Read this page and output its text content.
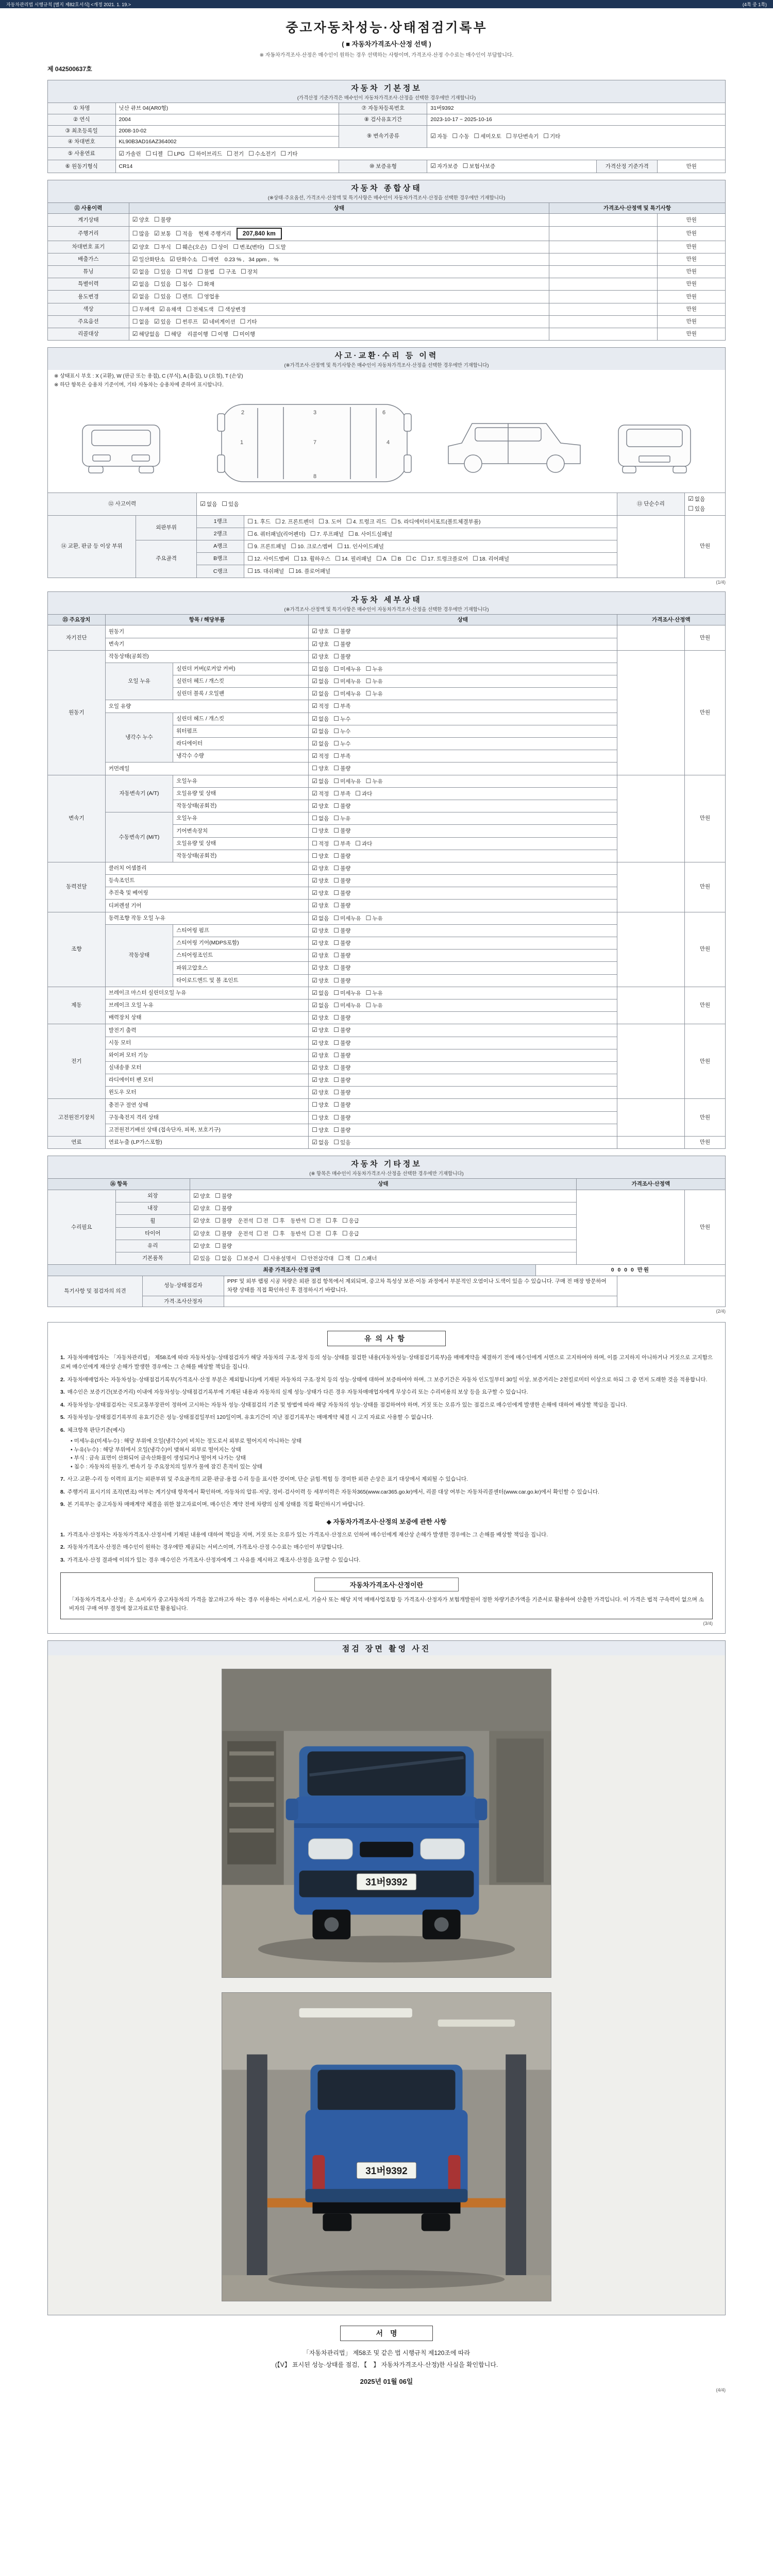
자동차관리법 시행규칙 [별지 제82호서식] <개정 2021. 1. 19.>	(4쪽 중 1쪽)
중고자동차성능·상태점검기록부
( ■ 자동차가격조사·산정 선택 )
※ 자동차가격조사·산정은 매수인이 원하는 경우 선택하는 사항이며, 가격조사·산정 수수료는 매수인이 부담합니다.
제 042500637호
자동차 기본정보
(가격산정 기준가격은 매수인이 자동차가격조사·산정을 선택한 경우에만 기재합니다)
① 차명	닛산 큐브 04(AR0형)	⑦ 자동차등록번호	31버9392		
② 연식	2004	⑧ 검사유효기간	2023-10-17 ~ 2025-10-16		
③ 최초등록일	2008-10-02	⑨ 변속기종류	☑ 자동 ☐ 수동 ☐ 세미오토 ☐ 무단변속기 ☐ 기타		
④ 차대번호	KL90B3AD16AZ364002				
⑤ 사용연료	☑ 가솔린 ☐ 디젤 ☐ LPG ☐ 하이브리드 ☐ 전기 ☐ 수소전기 ☐ 기타				
⑥ 원동기형식	CR14	⑩ 보증유형	☑ 자가보증 ☐ 보험사보증	가격산정 기준가격	만원
자동차 종합상태
(※상태·주요옵션, 가격조사·산정액 및 특기사항은 매수인이 자동차가격조사·산정을 선택한 경우에만 기재합니다)
⑪ 사용이력	상태	가격조사·산정액 및 특기사항	
계기상태	☑ 양호 ☐ 불량		만원
주행거리	☐ 많음 ☑ 보통 ☐ 적음 현재 주행거리 207,840 km		만원
차대번호 표기	☑ 양호 ☐ 부식 ☐ 훼손(오손) ☐ 상이 ☐ 변조(변타) ☐ 도말		만원
배출가스	☑ 일산화탄소 ☑ 탄화수소 ☐ 매연 0.23 % , 34 ppm , %		만원
튜닝	☑ 없음 ☐ 있음 ☐ 적법 ☐ 불법 ☐ 구조 ☐ 장치		만원
특별이력	☑ 없음 ☐ 있음 ☐ 침수 ☐ 화재		만원
용도변경	☑ 없음 ☐ 있음 ☐ 렌트 ☐ 영업용		만원
색상	☐ 무채색 ☑ 유채색 ☐ 전체도색 ☐ 색상변경		만원
주요옵션	☐ 없음 ☑ 있음 ☐ 썬루프 ☑ 네비게이션 ☐ 기타		만원
리콜대상	☑ 해당없음 ☐ 해당 리콜이행 ☐ 이행 ☐ 미이행		만원
사고·교환·수리 등 이력
(※가격조사·산정액 및 특기사항은 매수인이 자동차가격조사·산정을 선택한 경우에만 기재합니다)
※ 상태표시 부호 : X (교환), W (판금 또는 용접), C (부식), A (흠집), U (요철), T (손상)
※ 하단 항목은 승용차 기준이며, 기타 자동차는 승용차에 준하여 표시합니다.
1
2	3
4
6
7
8
⑫ 사고이력		☑ 없음 ☐ 있음		⑬ 단순수리	☑ 없음☐ 있음
⑭ 교환, 판금 등 이상 부위	외판부위	1랭크	☐ 1. 후드 ☐ 2. 프론트펜더 ☐ 3. 도어 ☐ 4. 트렁크 리드 ☐ 5. 라디에이터서포트(볼트체결부품)		만원
		2랭크	☐ 6. 쿼터패널(리어펜더) ☐ 7. 루프패널 ☐ 8. 사이드실패널		
	주요골격	A랭크	☐ 9. 프론트패널 ☐ 10. 크로스멤버 ☐ 11. 인사이드패널		
		B랭크	☐ 12. 사이드멤버 ☐ 13. 휠하우스 ☐ 14. 필러패널 ☐ A ☐ B ☐ C ☐ 17. 트렁크플로어 ☐ 18. 리어패널		
		C랭크	☐ 15. 대쉬패널 ☐ 16. 플로어패널		
(1/4)
자동차 세부상태
(※가격조사·산정액 및 특기사항은 매수인이 자동차가격조사·산정을 선택한 경우에만 기재합니다)
⑮ 주요장치	항목 / 해당부품		상태	가격조사·산정액	
자기진단	원동기		☑ 양호 ☐ 불량		만원
	변속기		☑ 양호 ☐ 불량		
원동기	작동상태(공회전)		☑ 양호 ☐ 불량		만원
	오일 누유	실린더 커버(로커암 커버)	☑ 없음 ☐ 미세누유 ☐ 누유		
		실린더 헤드 / 개스킷	☑ 없음 ☐ 미세누유 ☐ 누유		
		실린더 블록 / 오일팬	☑ 없음 ☐ 미세누유 ☐ 누유		
	오일 유량		☑ 적정 ☐ 부족		
	냉각수 누수	실린더 헤드 / 개스킷	☑ 없음 ☐ 누수		
		워터펌프	☑ 없음 ☐ 누수		
		라디에이터	☑ 없음 ☐ 누수		
		냉각수 수량	☑ 적정 ☐ 부족		
	커먼레일		☐ 양호 ☐ 불량		
변속기	자동변속기 (A/T)	오일누유	☑ 없음 ☐ 미세누유 ☐ 누유		만원
		오일유량 및 상태	☑ 적정 ☐ 부족 ☐ 과다		
		작동상태(공회전)	☑ 양호 ☐ 불량		
	수동변속기 (M/T)	오일누유	☐ 없음 ☐ 누유		
		기어변속장치	☐ 양호 ☐ 불량		
		오일유량 및 상태	☐ 적정 ☐ 부족 ☐ 과다		
		작동상태(공회전)	☐ 양호 ☐ 불량		
동력전달	클러치 어셈블리		☑ 양호 ☐ 불량		만원
	등속조인트		☑ 양호 ☐ 불량		
	추진축 및 베어링		☑ 양호 ☐ 불량		
	디퍼렌셜 기어		☑ 양호 ☐ 불량		
조향	동력조향 작동 오일 누유		☑ 없음 ☐ 미세누유 ☐ 누유		만원
	작동상태	스티어링 펌프	☑ 양호 ☐ 불량		
		스티어링 기어(MDPS포함)	☑ 양호 ☐ 불량		
		스티어링조인트	☑ 양호 ☐ 불량		
		파워고압호스	☑ 양호 ☐ 불량		
		타이로드엔드 및 볼 조인트	☑ 양호 ☐ 불량		
제동	브레이크 마스터 실린더오일 누유		☑ 없음 ☐ 미세누유 ☐ 누유		만원
	브레이크 오일 누유		☑ 없음 ☐ 미세누유 ☐ 누유		
	배력장치 상태		☑ 양호 ☐ 불량		
전기	발전기 출력		☑ 양호 ☐ 불량		만원
	시동 모터		☑ 양호 ☐ 불량		
	와이퍼 모터 기능		☑ 양호 ☐ 불량		
	실내송풍 모터		☑ 양호 ☐ 불량		
	라디에이터 팬 모터		☑ 양호 ☐ 불량		
	윈도우 모터		☑ 양호 ☐ 불량		
고전원전기장치	충전구 절연 상태		☐ 양호 ☐ 불량		만원
	구동축전지 격리 상태		☐ 양호 ☐ 불량		
	고전원전기배선 상태 (접속단자, 피복, 보호기구)		☐ 양호 ☐ 불량		
연료	연료누출 (LP가스포함)		☑ 없음 ☐ 있음		만원
자동차 기타정보
(※ 항목은 매수인이 자동차가격조사·산정을 선택한 경우에만 기재합니다)
⑯ 항목		상태	가격조사·산정액	
수리필요	외장	☑ 양호 ☐ 불량		만원
	내장	☑ 양호 ☐ 불량		
	휠	☑ 양호 ☐ 불량 운전석 ☐ 전 ☐ 후 동반석 ☐ 전 ☐ 후 ☐ 응급		
	타이어	☑ 양호 ☐ 불량 운전석 ☐ 전 ☐ 후 동반석 ☐ 전 ☐ 후 ☐ 응급		
	유리	☑ 양호 ☐ 불량		
	기본품목	☑ 있음 ☐ 없음 ☐ 보증서 ☐ 사용설명서 ☐ 안전삼각대 ☐ 잭 ☐ 스패너		
최종 가격조사·산정 금액	0 0 0 0 만원
특기사항 및 점검자의 의견	성능·상태점검자	PPF 및 외부 랩핑 시공 차량은 외판 점검 항목에서 제외되며, 중고차 특성상 보관·이동 과정에서 부분적인 오염이나 도색이 있을 수 있습니다. 구매 전 매장 방문하여 차량 상태를 직접 확인하신 후 결정하시기 바랍니다.	
	가격·조사산정자		
(2/4)
유의사항
1. 자동차매매업자는 「자동차관리법」 제58조에 따라 자동차성능·상태점검자가 해당 자동차의 구조·장치 등의 성능·상태를 점검한 내용(자동차성능·상태점검기록부)을 매매계약을 체결하기 전에 매수인에게 서면으로 고지하여야 하며, 이를 고지하지 아니하거나 거짓으로 고지함으로써 매수인에게 재산상 손해가 발생한 경우에는 그 손해를 배상할 책임을 집니다.
2. 자동차매매업자는 자동차성능·상태점검기록부(가격조사·산정 부분은 제외합니다)에 기재된 자동차의 구조·장치 등의 성능·상태에 대하여 보증하여야 하며, 그 보증기간은 자동차 인도일부터 30일 이상, 보증거리는 2천킬로미터 이상으로 하되 그 중 먼저 도래한 것을 적용합니다.
3. 매수인은 보증기간(보증거리) 이내에 자동차성능·상태점검기록부에 기재된 내용과 자동차의 실제 성능·상태가 다른 경우 자동차매매업자에게 무상수리 또는 수리비용의 보상 등을 요구할 수 있습니다.
4. 자동차성능·상태점검자는 국토교통부장관이 정하여 고시하는 자동차 성능·상태점검의 기준 및 방법에 따라 해당 자동차의 성능·상태를 점검하여야 하며, 거짓 또는 오류가 있는 점검으로 매수인에게 발생한 손해에 대하여 배상할 책임을 집니다.
5. 자동차성능·상태점검기록부의 유효기간은 성능·상태점검일부터 120일이며, 유효기간이 지난 점검기록부는 매매계약 체결 시 고지 자료로 사용할 수 없습니다.
6. 체크항목 판단기준(예시)
• 미세누유(미세누수) : 해당 부위에 오일(냉각수)이 비치는 정도로서 외부로 떨어지지 아니하는 상태
• 누유(누수) : 해당 부위에서 오일(냉각수)이 맺혀서 외부로 떨어지는 상태
• 부식 : 금속 표면이 산화되어 금속산화물이 생성되거나 떨어져 나가는 상태
• 침수 : 자동차의 원동기, 변속기 등 주요장치의 일부가 물에 잠긴 흔적이 있는 상태
7. 사고·교환·수리 등 이력의 표기는 외판부위 및 주요골격의 교환·판금·용접 수리 등을 표시한 것이며, 단순 긁힘·찍힘 등 경미한 외관 손상은 표기 대상에서 제외될 수 있습니다.
8. 주행거리 표시기의 조작(변조) 여부는 계기상태 항목에서 확인하며, 자동차의 압류·저당, 정비·검사이력 등 세부이력은 자동차365(www.car365.go.kr)에서, 리콜 대상 여부는 자동차리콜센터(www.car.go.kr)에서 확인할 수 있습니다.
9. 본 기록부는 중고자동차 매매계약 체결을 위한 참고자료이며, 매수인은 계약 전에 차량의 실제 상태를 직접 확인하시기 바랍니다.
◆ 자동차가격조사·산정의 보증에 관한 사항
1. 가격조사·산정자는 자동차가격조사·산정서에 기재된 내용에 대하여 책임을 지며, 거짓 또는 오류가 있는 가격조사·산정으로 인하여 매수인에게 재산상 손해가 발생한 경우에는 그 손해를 배상할 책임을 집니다.
2. 자동차가격조사·산정은 매수인이 원하는 경우에만 제공되는 서비스이며, 가격조사·산정 수수료는 매수인이 부담합니다.
3. 가격조사·산정 결과에 이의가 있는 경우 매수인은 가격조사·산정자에게 그 사유를 제시하고 재조사·산정을 요구할 수 있습니다.
자동차가격조사·산정이란
「자동차가격조사·산정」은 소비자가 중고자동차의 가격을 참고하고자 하는 경우 이용하는 서비스로서, 기술사 또는 해당 지역 매매사업조합 등 가격조사·산정자가 보험개발원이 정한 차량기준가액을 기준서로 활용하여 산출한 가격입니다. 이 가격은 법적 구속력이 없으며 소비자의 구매 여부 결정에 참고자료로만 활용됩니다.
(3/4)
점검 장면 촬영 사진
31버9392
31버9392
서명
「자동차관리법」 제58조 및 같은 법 시행규칙 제120조에 따라
(【V】 표시된 성능·상태를 점검, 【　】 자동차가격조사·산정)한 사실을 확인합니다.
2025년 01월 06일
(4/4)
